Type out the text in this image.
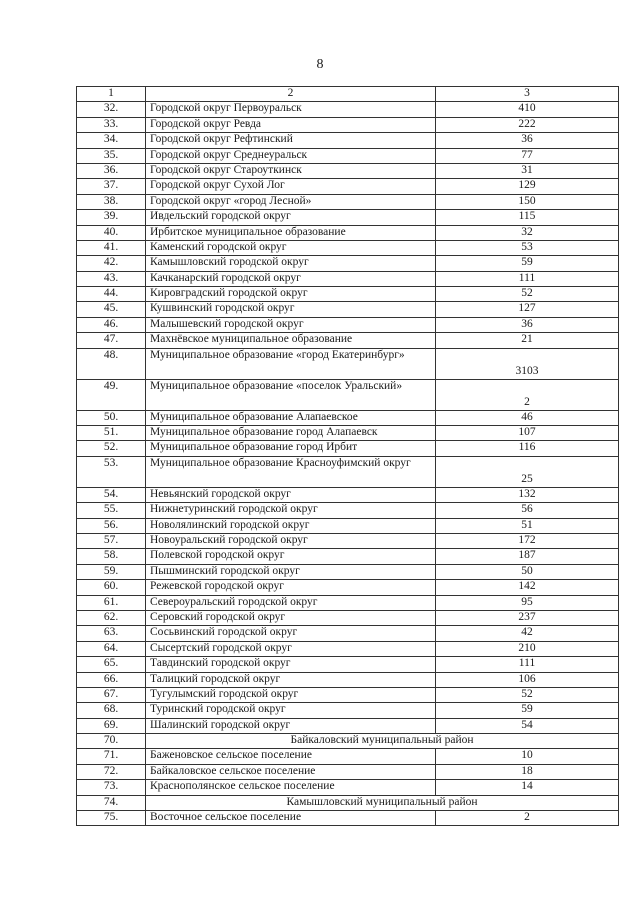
8
1	2	3
32.	Городской округ Первоуральск	410
33.	Городской округ Ревда	222
34.	Городской округ Рефтинский	36
35.	Городской округ Среднеуральск	77
36.	Городской округ Староуткинск	31
37.	Городской округ Сухой Лог	129
38.	Городской округ «город Лесной»	150
39.	Ивдельский городской округ	115
40.	Ирбитское муниципальное образование	32
41.	Каменский городской округ	53
42.	Камышловский городской округ	59
43.	Качканарский городской округ	111
44.	Кировградский городской округ	52
45.	Кушвинский городской округ	127
46.	Малышевский городской округ	36
47.	Махнёвское муниципальное образование	21
48.	Муниципальное образование «город Екатеринбург»	3103
49.	Муниципальное образование «поселок Уральский»	2
50.	Муниципальное образование Алапаевское	46
51.	Муниципальное образование город Алапаевск	107
52.	Муниципальное образование город Ирбит	116
53.	Муниципальное образование Красноуфимский округ	25
54.	Невьянский городской округ	132
55.	Нижнетуринский городской округ	56
56.	Новолялинский городской округ	51
57.	Новоуральский городской округ	172
58.	Полевской городской округ	187
59.	Пышминский городской округ	50
60.	Режевской городской округ	142
61.	Североуральский городской округ	95
62.	Серовский городской округ	237
63.	Сосьвинский городской округ	42
64.	Сысертский городской округ	210
65.	Тавдинский городской округ	111
66.	Талицкий городской округ	106
67.	Тугулымский городской округ	52
68.	Туринский городской округ	59
69.	Шалинский городской округ	54
70.	Байкаловский муниципальный район	
71.	Баженовское сельское поселение	10
72.	Байкаловское сельское поселение	18
73.	Краснополянское сельское поселение	14
74.	Камышловский муниципальный район	
75.	Восточное сельское поселение	2
